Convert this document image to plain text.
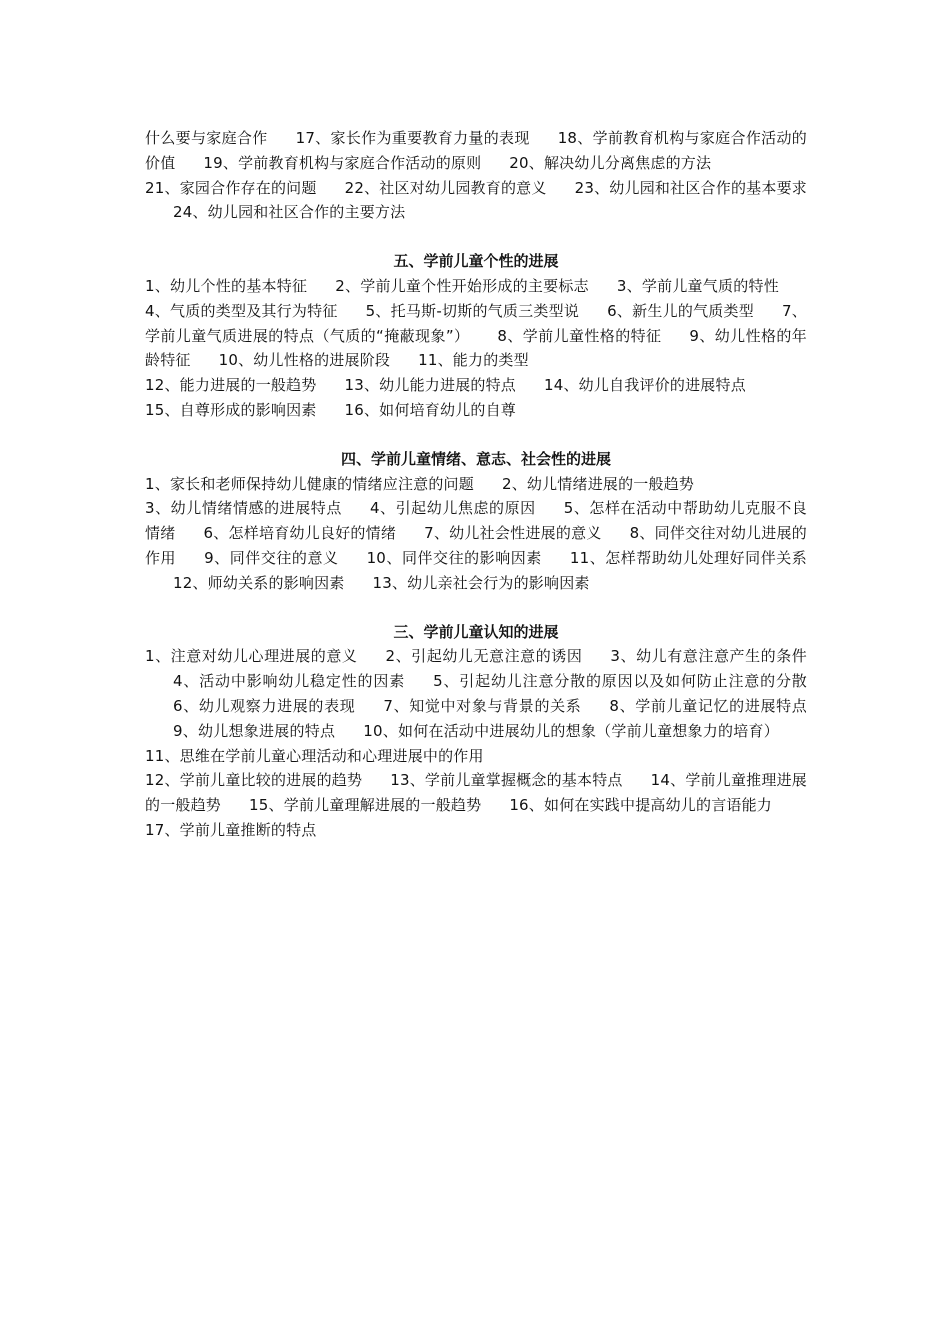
什么要与家庭合作 17、家长作为重要教育力量的表现 18、学前教育机构与家庭合作活动的价值 19、学前教育机构与家庭合作活动的原则 20、解决幼儿分离焦虑的方法

21、家园合作存在的问题 22、社区对幼儿园教育的意义 23、幼儿园和社区合作的基本要求24、幼儿园和社区合作的主要方法

五、学前儿童个性的进展

1、幼儿个性的基本特征 2、学前儿童个性开始形成的主要标志 3、学前儿童气质的特性4、气质的类型及其行为特征 5、托马斯-切斯的气质三类型说 6、新生儿的气质类型 7、学前儿童气质进展的特点（气质的“掩蔽现象”） 8、学前儿童性格的特征 9、幼儿性格的年龄特征 10、幼儿性格的进展阶段 11、能力的类型

12、能力进展的一般趋势 13、幼儿能力进展的特点 14、幼儿自我评价的进展特点

15、自尊形成的影响因素 16、如何培育幼儿的自尊

四、学前儿童情绪、意志、社会性的进展

1、家长和老师保持幼儿健康的情绪应注意的问题 2、幼儿情绪进展的一般趋势

3、幼儿情绪情感的进展特点 4、引起幼儿焦虑的原因 5、怎样在活动中帮助幼儿克服不良情绪 6、怎样培育幼儿良好的情绪 7、幼儿社会性进展的意义 8、同伴交往对幼儿进展的作用 9、同伴交往的意义 10、同伴交往的影响因素 11、怎样帮助幼儿处理好同伴关系12、师幼关系的影响因素 13、幼儿亲社会行为的影响因素

三、学前儿童认知的进展

1、注意对幼儿心理进展的意义 2、引起幼儿无意注意的诱因 3、幼儿有意注意产生的条件4、活动中影响幼儿稳定性的因素 5、引起幼儿注意分散的原因以及如何防止注意的分散6、幼儿观察力进展的表现 7、知觉中对象与背景的关系 8、学前儿童记忆的进展特点9、幼儿想象进展的特点 10、如何在活动中进展幼儿的想象（学前儿童想象力的培育）11、思维在学前儿童心理活动和心理进展中的作用

12、学前儿童比较的进展的趋势 13、学前儿童掌握概念的基本特点 14、学前儿童推理进展的一般趋势 15、学前儿童理解进展的一般趋势 16、如何在实践中提高幼儿的言语能力

17、学前儿童推断的特点
